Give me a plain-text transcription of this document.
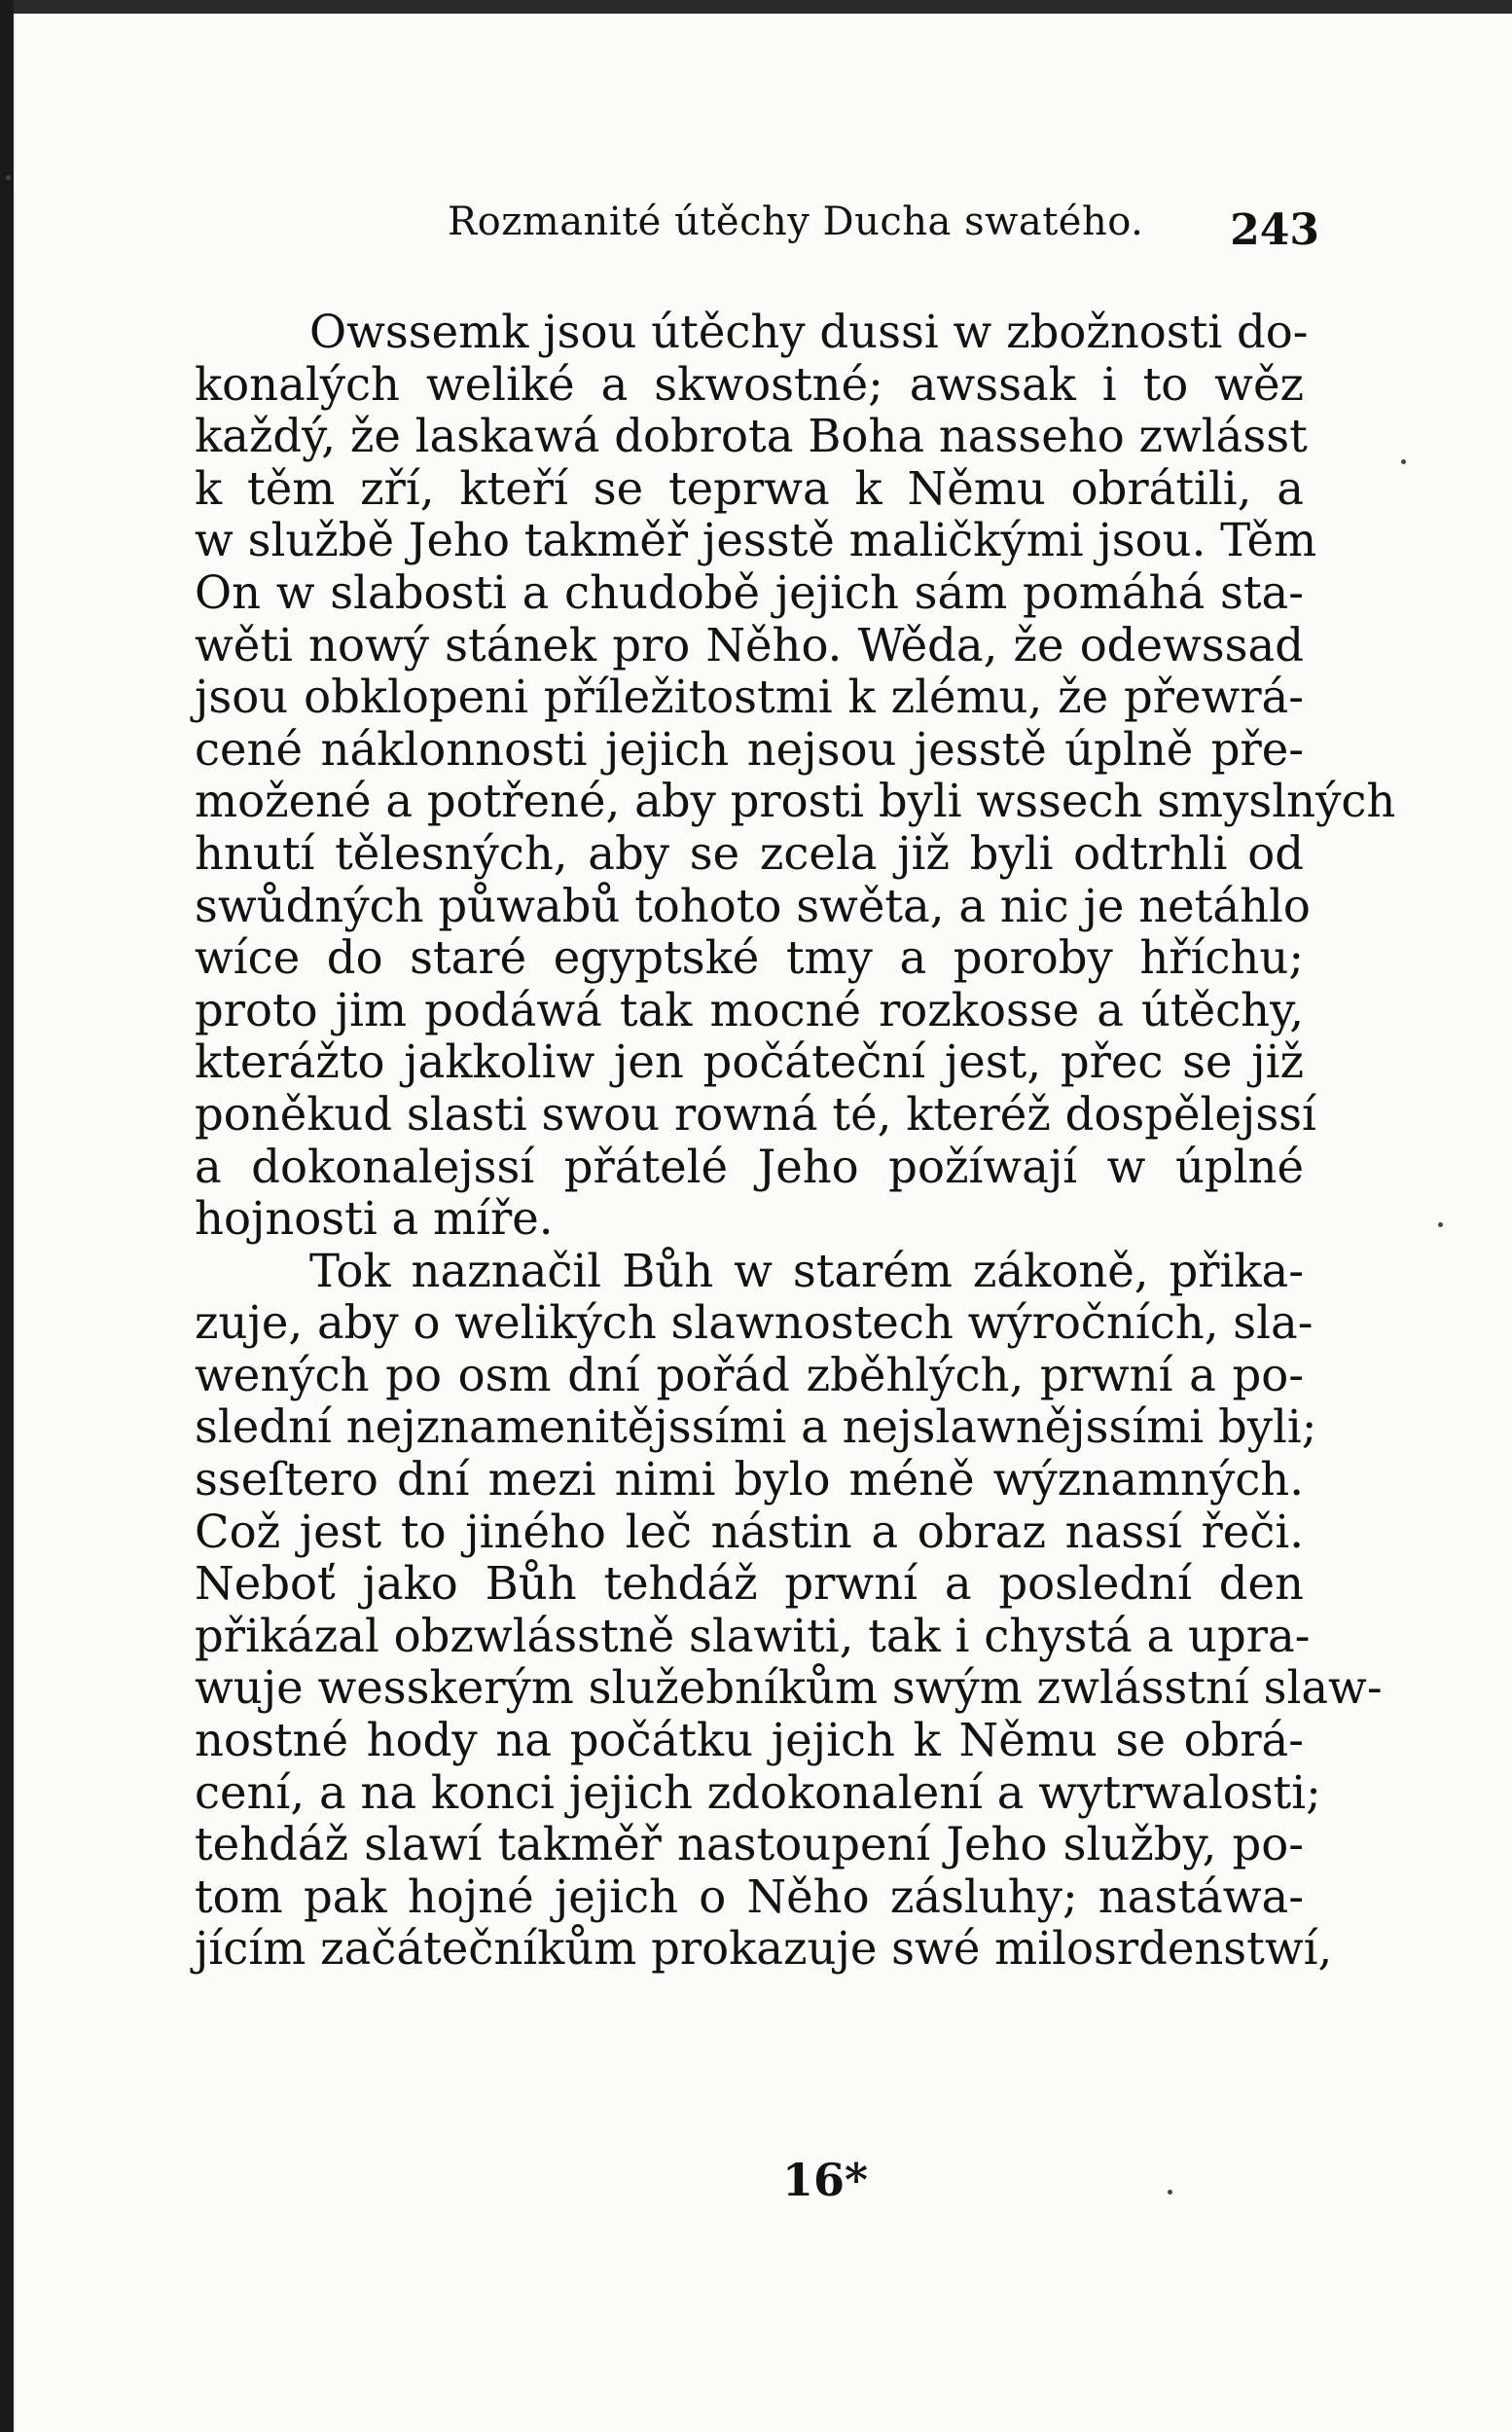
Rozmanité útěchy Ducha swatého. 243
Owssemk jsou útěchy dussi w zbožnosti do-
konalých weliké a skwostné; awssak i to wěz
každý, že laskawá dobrota Boha nasseho zwlásst
k těm zří, kteří se teprwa k Němu obrátili, a
w službě Jeho takměř jesstě maličkými jsou. Těm
On w slabosti a chudobě jejich sám pomáhá sta-
wěti nowý stánek pro Něho. Wěda, že odewssad
jsou obklopeni příležitostmi k zlému, že přewrá-
cené náklonnosti jejich nejsou jesstě úplně pře-
možené a potřené, aby prosti byli wssech smyslných
hnutí tělesných, aby se zcela již byli odtrhli od
swůdných půwabů tohoto swěta, a nic je netáhlo
wíce do staré egyptské tmy a poroby hříchu;
proto jim podáwá tak mocné rozkosse a útěchy,
kterážto jakkoliw jen počáteční jest, přec se již
poněkud slasti swou rowná té, kteréž dospělejssí
a dokonalejssí přátelé Jeho požíwají w úplné
hojnosti a míře.
Tok naznačil Bůh w starém zákoně, přika-
zuje, aby o welikých slawnostech wýročních, sla-
wených po osm dní pořád zběhlých, prwní a po-
slední nejznamenitějssími a nejslawnějssími byli;
sseſtero dní mezi nimi bylo méně wýznamných.
Což jest to jiného leč nástin a obraz nassí řeči.
Neboť jako Bůh tehdáž prwní a poslední den
přikázal obzwlásstně slawiti, tak i chystá a upra-
wuje wesskerým služebníkům swým zwlásstní slaw-
nostné hody na počátku jejich k Němu se obrá-
cení, a na konci jejich zdokonalení a wytrwalosti;
tehdáž slawí takměř nastoupení Jeho služby, po-
tom pak hojné jejich o Něho zásluhy; nastáwa-
jícím začátečníkům prokazuje swé milosrdenstwí,
16*
